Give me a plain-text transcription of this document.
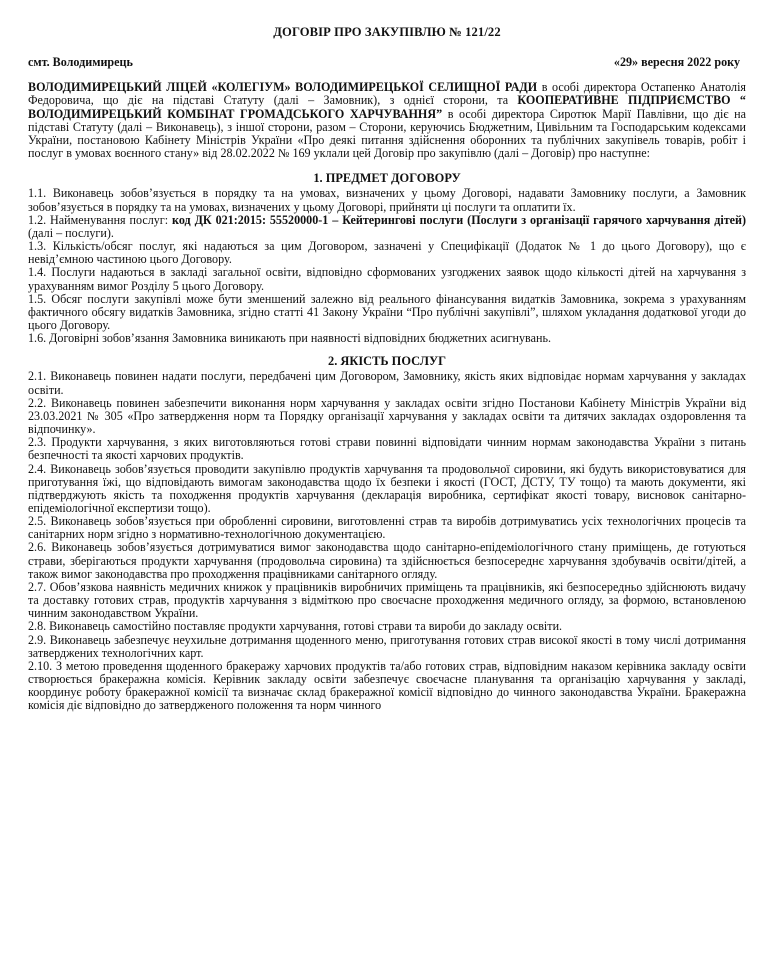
ДОГОВІР ПРО ЗАКУПІВЛЮ № 121/22
смт. Володимирець	«29» вересня 2022 року

ВОЛОДИМИРЕЦЬКИЙ ЛІЦЕЙ «КОЛЕГІУМ» ВОЛОДИМИРЕЦЬКОЇ СЕЛИЩНОЇ РАДИ в особі директора Остапенко Анатолія Федоровича, що діє на підставі Статуту (далі – Замовник), з однієї сторони, та КООПЕРАТИВНЕ ПІДПРИЄМСТВО “ ВОЛОДИМИРЕЦЬКИЙ КОМБІНАТ ГРОМАДСЬКОГО ХАРЧУВАННЯ” в особі директора Сиротюк Марії Павлівни, що діє на підставі Статуту (далі – Виконавець), з іншої сторони, разом – Сторони, керуючись Бюджетним, Цивільним та Господарським кодексами України, постановою Кабінету Міністрів України «Про деякі питання здійснення оборонних та публічних закупівель товарів, робіт і послуг в умовах воєнного стану» від 28.02.2022 № 169 уклали цей Договір про закупівлю (далі – Договір) про наступне:

1. ПРЕДМЕТ ДОГОВОРУ

1.1. Виконавець зобов’язується в порядку та на умовах, визначених у цьому Договорі, надавати Замовнику послуги, а Замовник зобов’язується в порядку та на умовах, визначених у цьому Договорі, прийняти ці послуги та оплатити їх.

1.2. Найменування послуг: код ДК 021:2015: 55520000-1 – Кейтерингові послуги (Послуги з організації гарячого харчування дітей) (далі – послуги).

1.3. Кількість/обсяг послуг, які надаються за цим Договором, зазначені у Специфікації (Додаток № 1 до цього Договору), що є невід’ємною частиною цього Договору.

1.4. Послуги надаються в закладі загальної освіти, відповідно сформованих узгоджених заявок щодо кількості дітей на харчування з урахуванням вимог Розділу 5 цього Договору.

1.5. Обсяг послуги закупівлі може бути зменшений залежно від реального фінансування видатків Замовника, зокрема з урахуванням фактичного обсягу видатків Замовника, згідно статті 41 Закону України “Про публічні закупівлі”, шляхом укладання додаткової угоди до цього Договору.

1.6. Договірні зобов’язання Замовника виникають при наявності відповідних бюджетних асигнувань.

2. ЯКІСТЬ ПОСЛУГ

2.1. Виконавець повинен надати послуги, передбачені цим Договором, Замовнику, якість яких відповідає нормам харчування у закладах освіти.

2.2. Виконавець повинен забезпечити виконання норм харчування у закладах освіти згідно Постанови Кабінету Міністрів України від 23.03.2021 № 305 «Про затвердження норм та Порядку організації харчування у закладах освіти та дитячих закладах оздоровлення та відпочинку».

2.3. Продукти харчування, з яких виготовляються готові страви повинні відповідати чинним нормам законодавства України з питань безпечності та якості харчових продуктів.

2.4. Виконавець зобов’язується проводити закупівлю продуктів харчування та продовольчої сировини, які будуть використовуватися для приготування їжі, що відповідають вимогам законодавства щодо їх безпеки і якості (ГОСТ, ДСТУ, ТУ тощо) та мають документи, які підтверджують якість та походження продуктів харчування (декларація виробника, сертифікат якості товару, висновок санітарно-епідеміологічної експертизи тощо).

2.5. Виконавець зобов’язується при обробленні сировини, виготовленні страв та виробів дотримуватись усіх технологічних процесів та санітарних норм згідно з нормативно-технологічною документацією.

2.6. Виконавець зобов’язується дотримуватися вимог законодавства щодо санітарно-епідеміологічного стану приміщень, де готуються страви, зберігаються продукти харчування (продовольча сировина) та здійснюється безпосереднє харчування здобувачів освіти/дітей, а також вимог законодавства про проходження працівниками санітарного огляду.

2.7. Обов’язкова наявність медичних книжок у працівників виробничих приміщень та працівників, які безпосередньо здійснюють видачу та доставку готових страв, продуктів харчування з відміткою про своєчасне проходження медичного огляду, за формою, встановленою чинним законодавством України.

2.8. Виконавець самостійно поставляє продукти харчування, готові страви та вироби до закладу освіти.

2.9. Виконавець забезпечує неухильне дотримання щоденного меню, приготування готових страв високої якості в тому числі дотримання затверджених технологічних карт.

2.10. З метою проведення щоденного бракеражу харчових продуктів та/або готових страв, відповідним наказом керівника закладу освіти створюється бракеражна комісія. Керівник закладу освіти забезпечує своєчасне планування та організацію харчування у закладі, координує роботу бракеражної комісії та визначає склад бракеражної комісії відповідно до чинного законодавства України. Бракеражна комісія діє відповідно до затвердженого положення та норм чинного
